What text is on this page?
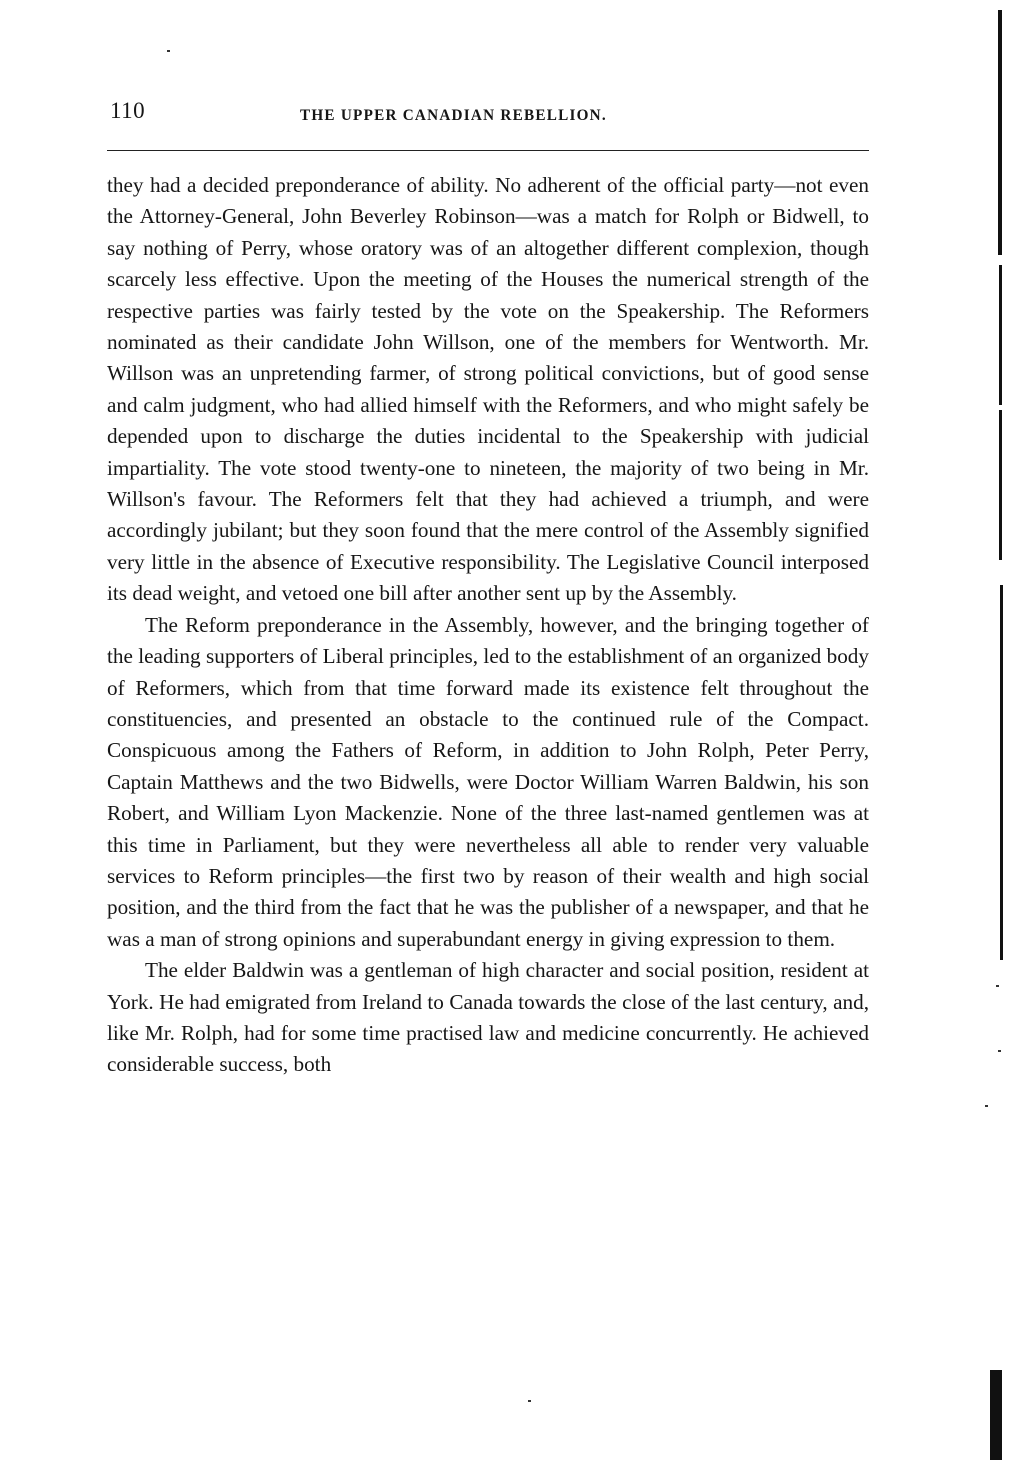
110	THE UPPER CANADIAN REBELLION.

they had a decided preponderance of ability. No adherent of the official party—not even the Attorney-General, John Beverley Robinson—was a match for Rolph or Bidwell, to say nothing of Perry, whose oratory was of an altogether different complexion, though scarcely less effective. Upon the meeting of the Houses the numerical strength of the respective parties was fairly tested by the vote on the Speakership. The Reformers nominated as their candidate John Willson, one of the members for Wentworth. Mr. Willson was an unpretending farmer, of strong political convictions, but of good sense and calm judgment, who had allied himself with the Reformers, and who might safely be depended upon to discharge the duties incidental to the Speakership with judicial impartiality. The vote stood twenty-one to nineteen, the majority of two being in Mr. Willson's favour. The Reformers felt that they had achieved a triumph, and were accordingly jubilant; but they soon found that the mere control of the Assembly signified very little in the absence of Executive responsibility. The Legislative Council interposed its dead weight, and vetoed one bill after another sent up by the Assembly.

The Reform preponderance in the Assembly, however, and the bringing together of the leading supporters of Liberal principles, led to the establishment of an organized body of Reformers, which from that time forward made its existence felt throughout the constituencies, and presented an obstacle to the continued rule of the Compact. Conspicuous among the Fathers of Reform, in addition to John Rolph, Peter Perry, Captain Matthews and the two Bidwells, were Doctor William Warren Baldwin, his son Robert, and William Lyon Mackenzie. None of the three last-named gentlemen was at this time in Parliament, but they were nevertheless all able to render very valuable services to Reform principles—the first two by reason of their wealth and high social position, and the third from the fact that he was the publisher of a newspaper, and that he was a man of strong opinions and superabundant energy in giving expression to them.

The elder Baldwin was a gentleman of high character and social position, resident at York. He had emigrated from Ireland to Canada towards the close of the last century, and, like Mr. Rolph, had for some time practised law and medicine concurrently. He achieved considerable success, both
